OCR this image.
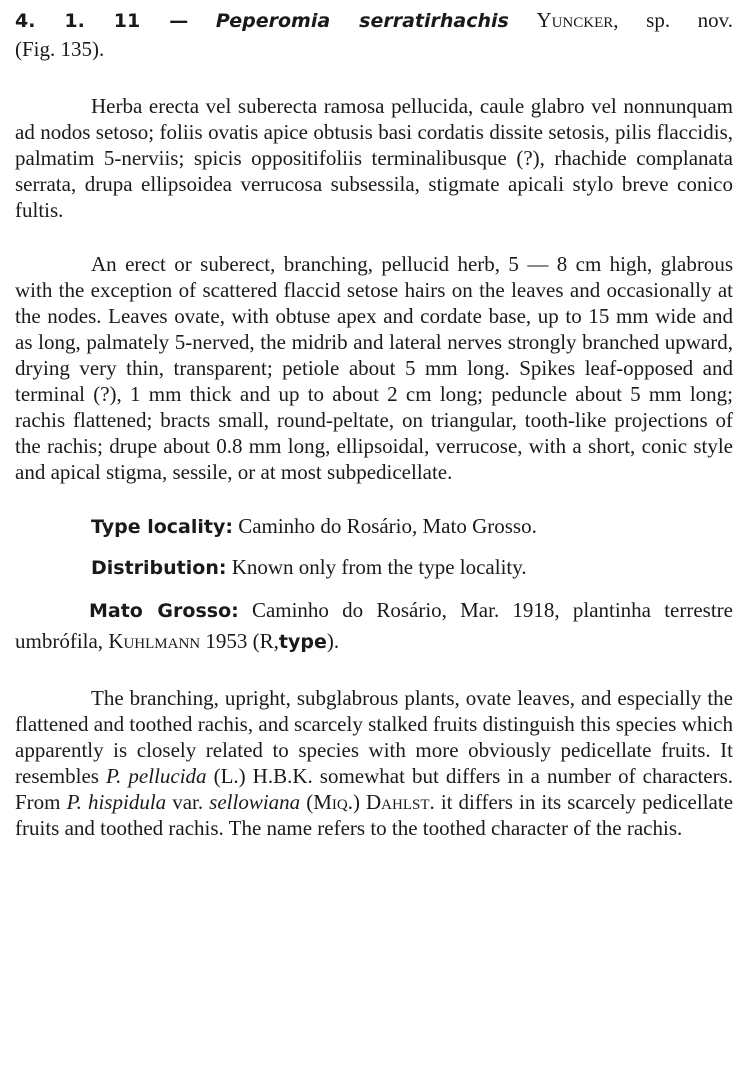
4. 1. 11 — Peperomia serratirhachis Yuncker, sp. nov.

(Fig. 135).

Herba erecta vel suberecta ramosa pellucida, caule glabro vel nonnunquam ad nodos setoso; foliis ovatis apice obtusis basi cordatis dissite setosis, pilis flaccidis, palmatim 5-nerviis; spicis oppositifoliis terminalibusque (?), rhachide complanata serrata, drupa ellipsoidea verrucosa subsessila, stigmate apicali stylo breve conico fultis.

An erect or suberect, branching, pellucid herb, 5 — 8 cm high, glabrous with the exception of scattered flaccid setose hairs on the leaves and occasionally at the nodes. Leaves ovate, with obtuse apex and cordate base, up to 15 mm wide and as long, palmately 5-nerved, the midrib and lateral nerves strongly branched upward, drying very thin, transparent; petiole about 5 mm long. Spikes leaf-opposed and terminal (?), 1 mm thick and up to about 2 cm long; peduncle about 5 mm long; rachis flattened; bracts small, round-peltate, on triangular, tooth-like projections of the rachis; drupe about 0.8 mm long, ellipsoidal, verrucose, with a short, conic style and apical stigma, sessile, or at most subpedicellate.

Type locality: Caminho do Rosário, Mato Grosso.

Distribution: Known only from the type locality.

Mato Grosso: Caminho do Rosário, Mar. 1918, plantinha terrestre umbrófila, Kuhlmann 1953 (R,type).

The branching, upright, subglabrous plants, ovate leaves, and especially the flattened and toothed rachis, and scarcely stalked fruits distinguish this species which apparently is closely related to species with more obviously pedicellate fruits. It resembles P. pellucida (L.) H.B.K. somewhat but differs in a number of characters. From P. hispidula var. sellowiana (Miq.) Dahlst. it differs in its scarcely pedicellate fruits and toothed rachis. The name refers to the toothed character of the rachis.
